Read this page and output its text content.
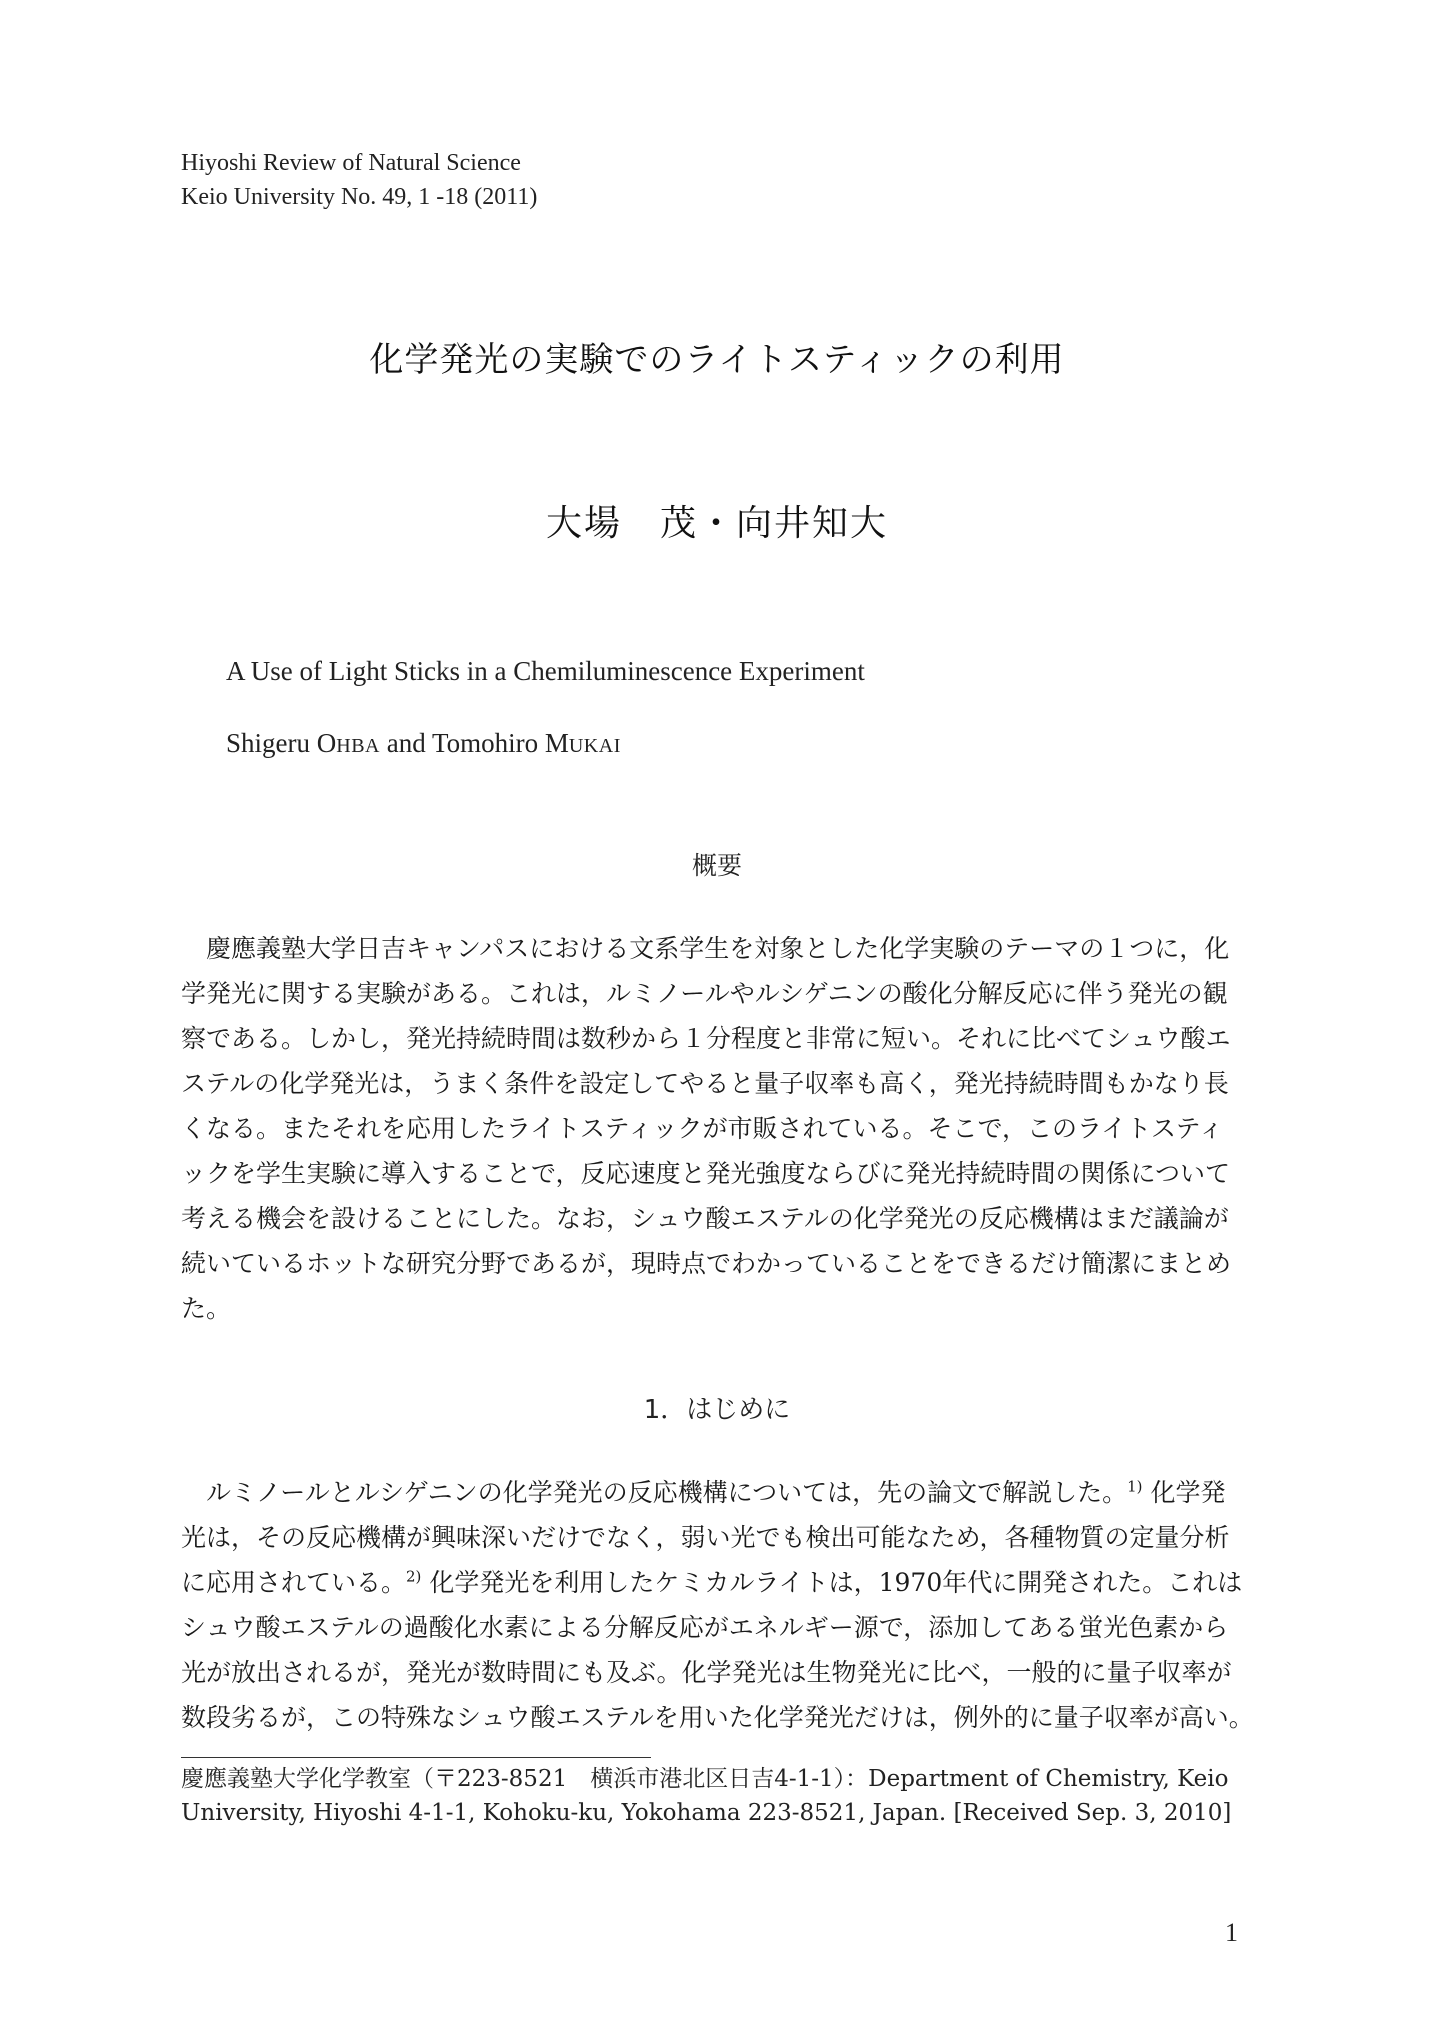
Hiyoshi Review of Natural Science
Keio University No. 49, 1 -18 (2011)
化学発光の実験でのライトスティックの利用
大場　茂・向井知大
A Use of Light Sticks in a Chemiluminescence Experiment
Shigeru OHBA and Tomohiro MUKAI
概要
　慶應義塾大学日吉キャンパスにおける文系学生を対象とした化学実験のテーマの１つに，化
学発光に関する実験がある。これは，ルミノールやルシゲニンの酸化分解反応に伴う発光の観
察である。しかし，発光持続時間は数秒から１分程度と非常に短い。それに比べてシュウ酸エ
ステルの化学発光は，うまく条件を設定してやると量子収率も高く，発光持続時間もかなり長
くなる。またそれを応用したライトスティックが市販されている。そこで，このライトスティ
ックを学生実験に導入することで，反応速度と発光強度ならびに発光持続時間の関係について
考える機会を設けることにした。なお，シュウ酸エステルの化学発光の反応機構はまだ議論が
続いているホットな研究分野であるが，現時点でわかっていることをできるだけ簡潔にまとめ
た。
1．はじめに
　ルミノールとルシゲニンの化学発光の反応機構については，先の論文で解説した。$^{1)}$ 化学発
光は，その反応機構が興味深いだけでなく，弱い光でも検出可能なため，各種物質の定量分析
に応用されている。$^{2)}$ 化学発光を利用したケミカルライトは，1970年代に開発された。これは
シュウ酸エステルの過酸化水素による分解反応がエネルギー源で，添加してある蛍光色素から
光が放出されるが，発光が数時間にも及ぶ。化学発光は生物発光に比べ，一般的に量子収率が
数段劣るが，この特殊なシュウ酸エステルを用いた化学発光だけは，例外的に量子収率が高い。
慶應義塾大学化学教室（〒223-8521　横浜市港北区日吉4-1-1）：Department of Chemistry, Keio
University, Hiyoshi 4-1-1, Kohoku-ku, Yokohama 223-8521, Japan. [Received Sep. 3, 2010]
1
